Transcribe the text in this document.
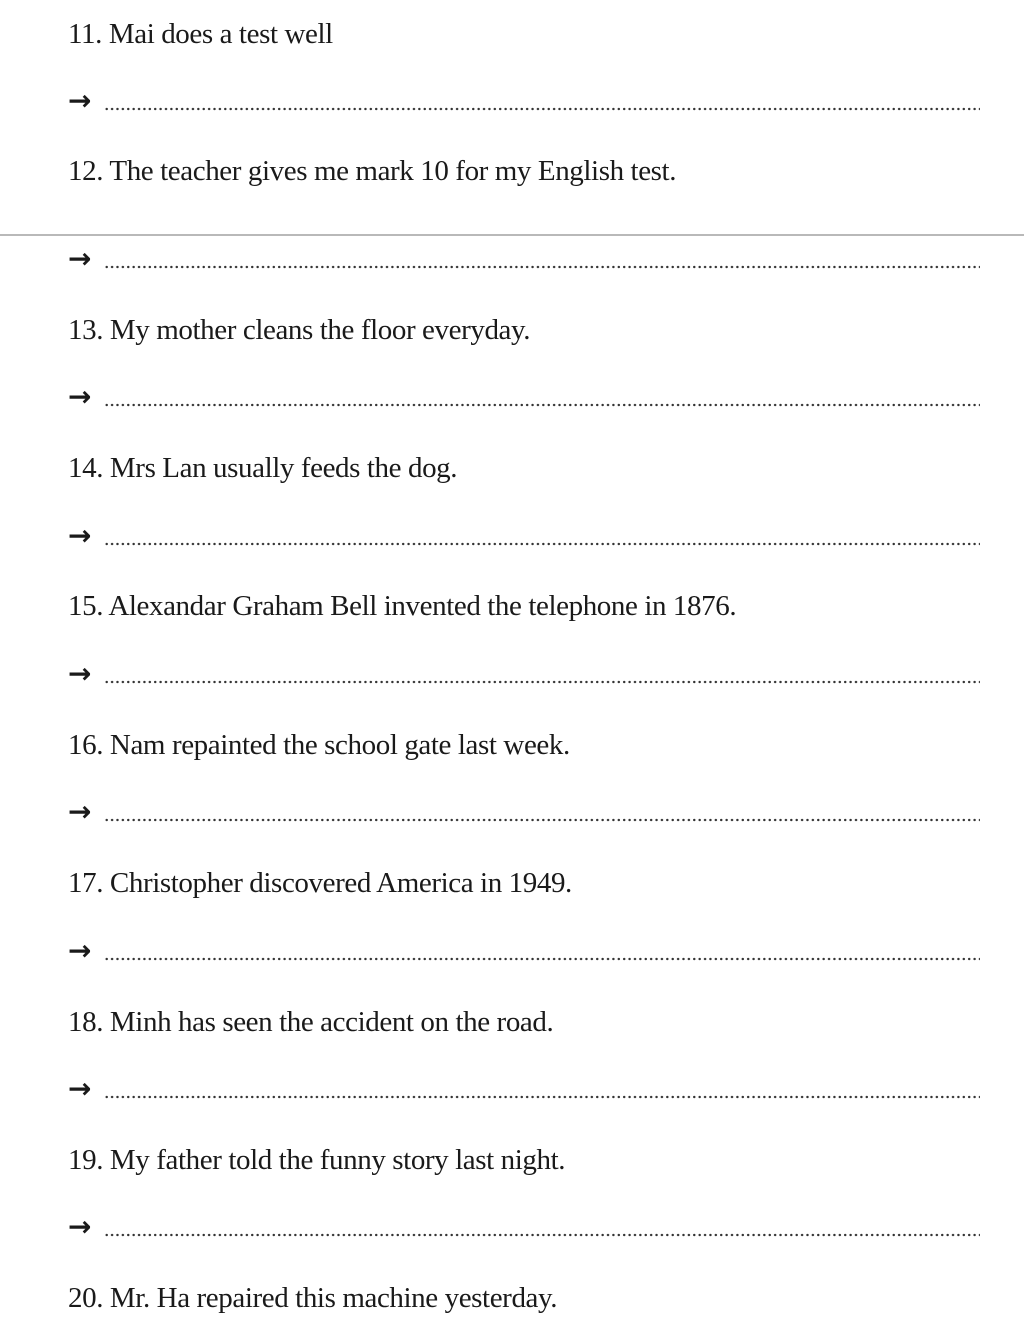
11. Mai does a test well
→
12. The teacher gives me mark 10 for my English test.
→
13. My mother cleans the floor everyday.
→
14. Mrs Lan usually feeds the dog.
→
15. Alexandar Graham Bell invented the telephone in 1876.
→
16. Nam repainted the school gate last week.
→
17. Christopher discovered America in 1949.
→
18. Minh has seen the accident on the road.
→
19. My father told the funny story last night.
→
20. Mr. Ha repaired this machine yesterday.
